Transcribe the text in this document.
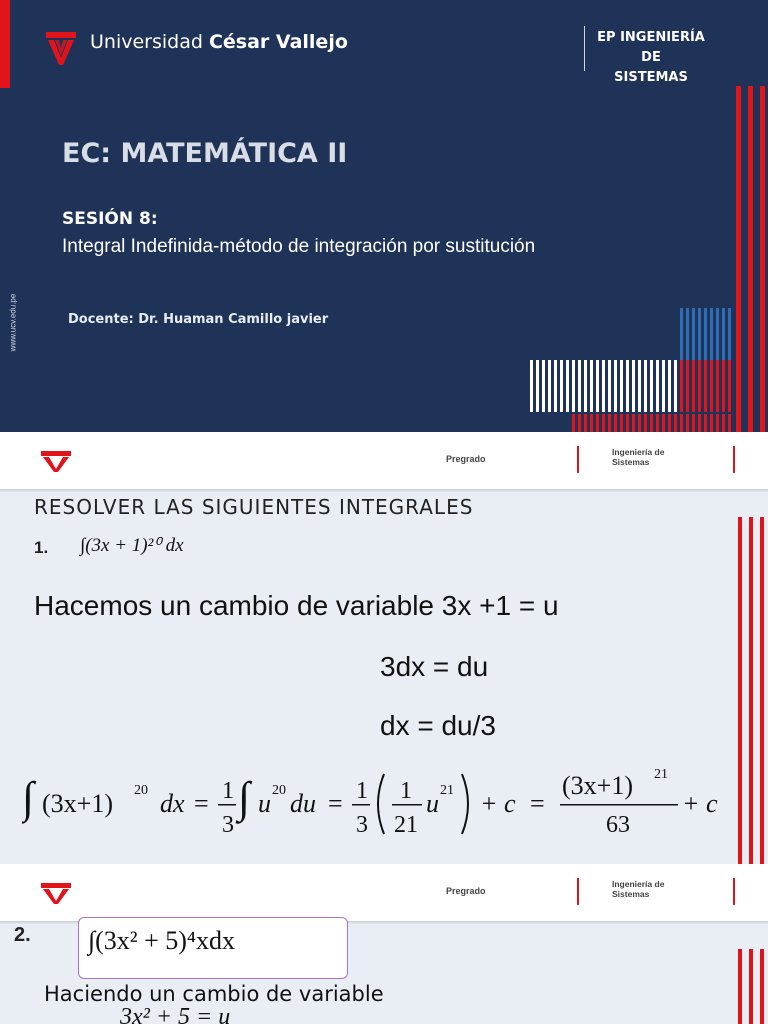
Universidad César Vallejo	EP INGENIERÍA DE
SISTEMAS
EC: MATEMÁTICA II
SESIÓN 8:
Integral Indefinida-método de integración por sustitución
Docente: Dr. Huaman Camillo javier
www.ucv.edu.pe
Pregrado
Ingeniería de
Sistemas
RESOLVER LAS SIGUIENTES INTEGRALES
1. ∫(3x + 1)²⁰ dx
Hacemos un cambio de variable 3x +1 = u
3dx = du
dx = du/3
∫ (3x+1) 20 dx = 1
3
∫ u 20 du = 1
3
1
21
u 21 + c =
(3x+1) 21
63
+ c
Pregrado
Ingeniería de
Sistemas
2. ∫(3x² + 5)⁴xdx
Haciendo un cambio de variable
3x² + 5 = u
